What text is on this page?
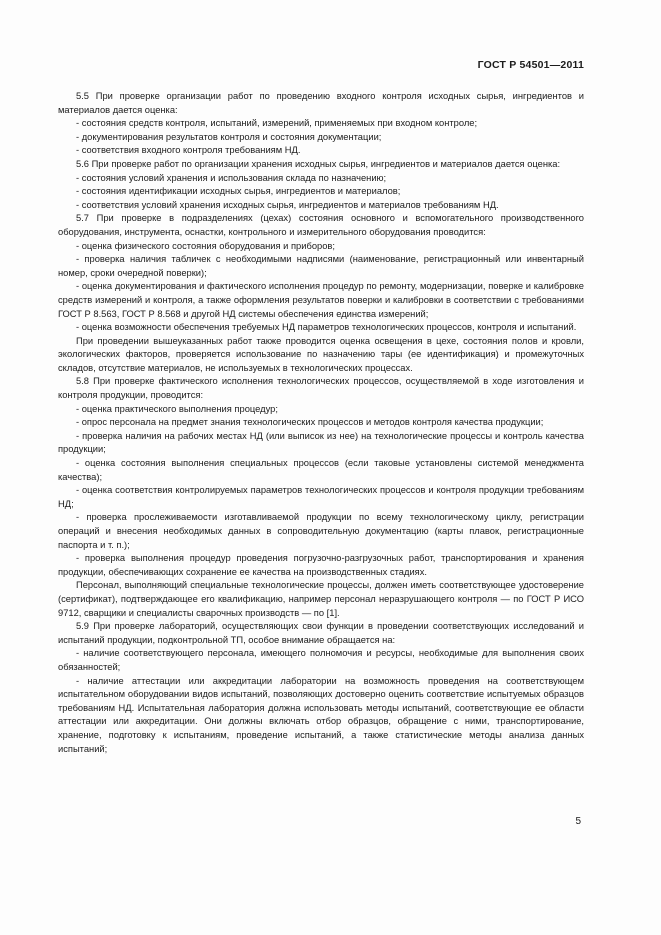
ГОСТ Р 54501—2011

5.5 При проверке организации работ по проведению входного контроля исходных сырья, ингредиентов и материалов дается оценка:

- состояния средств контроля, испытаний, измерений, применяемых при входном контроле;

- документирования результатов контроля и состояния документации;

- соответствия входного контроля требованиям НД.

5.6 При проверке работ по организации хранения исходных сырья, ингредиентов и материалов дается оценка:

- состояния условий хранения и использования склада по назначению;

- состояния идентификации исходных сырья, ингредиентов и материалов;

- соответствия условий хранения исходных сырья, ингредиентов и материалов требованиям НД.

5.7 При проверке в подразделениях (цехах) состояния основного и вспомогательного производственного оборудования, инструмента, оснастки, контрольного и измерительного оборудования проводится:

- оценка физического состояния оборудования и приборов;

- проверка наличия табличек с необходимыми надписями (наименование, регистрационный или инвентарный номер, сроки очередной поверки);

- оценка документирования и фактического исполнения процедур по ремонту, модернизации, поверке и калибровке средств измерений и контроля, а также оформления результатов поверки и калибровки в соответствии с требованиями ГОСТ Р 8.563, ГОСТ Р 8.568 и другой НД системы обеспечения единства измерений;

- оценка возможности обеспечения требуемых НД параметров технологических процессов, контроля и испытаний.

При проведении вышеуказанных работ также проводится оценка освещения в цехе, состояния полов и кровли, экологических факторов, проверяется использование по назначению тары (ее идентификация) и промежуточных складов, отсутствие материалов, не используемых в технологических процессах.

5.8 При проверке фактического исполнения технологических процессов, осуществляемой в ходе изготовления и контроля продукции, проводится:

- оценка практического выполнения процедур;

- опрос персонала на предмет знания технологических процессов и методов контроля качества продукции;

- проверка наличия на рабочих местах НД (или выписок из нее) на технологические процессы и контроль качества продукции;

- оценка состояния выполнения специальных процессов (если таковые установлены системой менеджмента качества);

- оценка соответствия контролируемых параметров технологических процессов и контроля продукции требованиям НД;

- проверка прослеживаемости изготавливаемой продукции по всему технологическому циклу, регистрации операций и внесения необходимых данных в сопроводительную документацию (карты плавок, регистрационные паспорта и т. п.);

- проверка выполнения процедур проведения погрузочно-разгрузочных работ, транспортирования и хранения продукции, обеспечивающих сохранение ее качества на производственных стадиях.

Персонал, выполняющий специальные технологические процессы, должен иметь соответствующее удостоверение (сертификат), подтверждающее его квалификацию, например персонал неразрушающего контроля — по ГОСТ Р ИСО 9712, сварщики и специалисты сварочных производств — по [1].

5.9 При проверке лабораторий, осуществляющих свои функции в проведении соответствующих исследований и испытаний продукции, подконтрольной ТП, особое внимание обращается на:

- наличие соответствующего персонала, имеющего полномочия и ресурсы, необходимые для выполнения своих обязанностей;

- наличие аттестации или аккредитации лаборатории на возможность проведения на соответствующем испытательном оборудовании видов испытаний, позволяющих достоверно оценить соответствие испытуемых образцов требованиям НД. Испытательная лаборатория должна использовать методы испытаний, соответствующие ее области аттестации или аккредитации. Они должны включать отбор образцов, обращение с ними, транспортирование, хранение, подготовку к испытаниям, проведение испытаний, а также статистические методы анализа данных испытаний;

5
